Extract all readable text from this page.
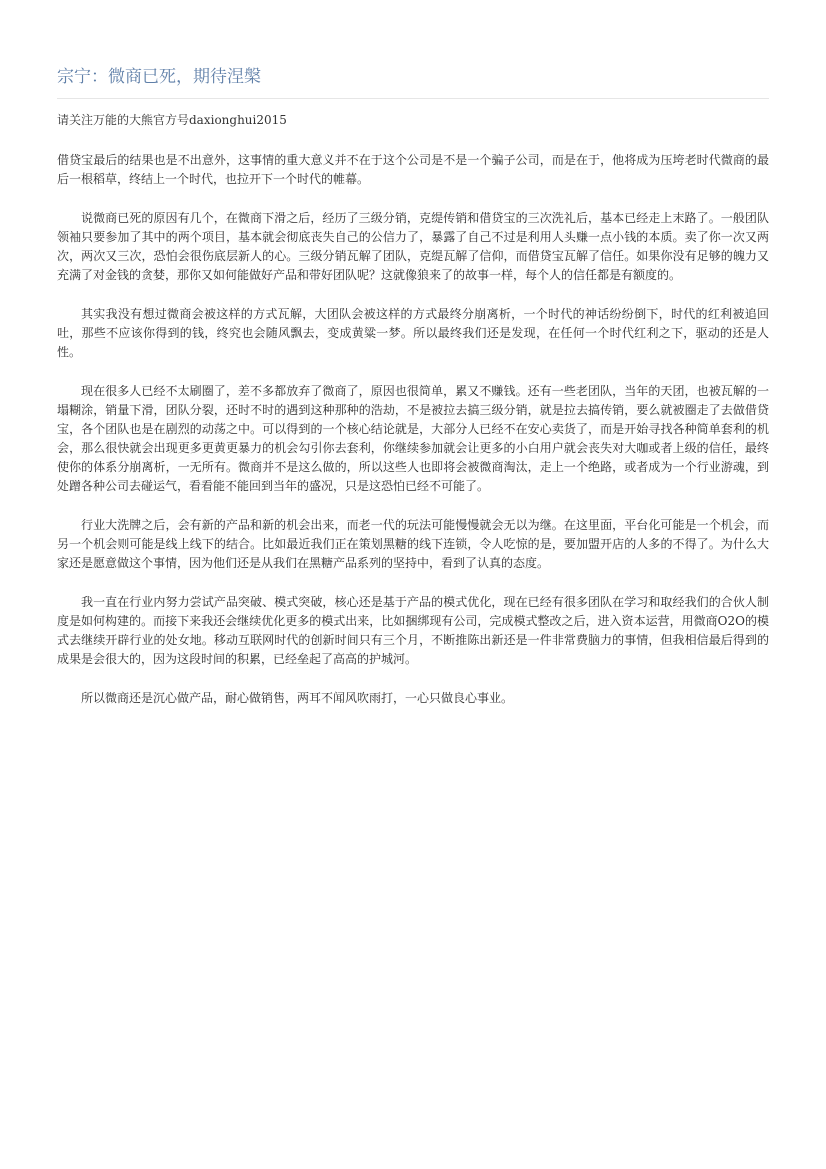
宗宁：微商已死，期待涅槃

请关注万能的大熊官方号daxionghui2015

借贷宝最后的结果也是不出意外，这事情的重大意义并不在于这个公司是不是一个骗子公司，而是在于，他将成为压垮老时代微商的最后一根稻草，终结上一个时代，也拉开下一个时代的帷幕。

说微商已死的原因有几个，在微商下滑之后，经历了三级分销，克缇传销和借贷宝的三次洗礼后，基本已经走上末路了。一般团队领袖只要参加了其中的两个项目，基本就会彻底丧失自己的公信力了，暴露了自己不过是利用人头赚一点小钱的本质。卖了你一次又两次，两次又三次，恐怕会很伤底层新人的心。三级分销瓦解了团队，克缇瓦解了信仰，而借贷宝瓦解了信任。如果你没有足够的魄力又充满了对金钱的贪婪，那你又如何能做好产品和带好团队呢？这就像狼来了的故事一样，每个人的信任都是有额度的。

其实我没有想过微商会被这样的方式瓦解，大团队会被这样的方式最终分崩离析，一个时代的神话纷纷倒下，时代的红利被追回吐，那些不应该你得到的钱，终究也会随风飘去，变成黄粱一梦。所以最终我们还是发现，在任何一个时代红利之下，驱动的还是人性。

现在很多人已经不太刷圈了，差不多都放弃了微商了，原因也很简单，累又不赚钱。还有一些老团队，当年的天团，也被瓦解的一塌糊涂，销量下滑，团队分裂，还时不时的遇到这种那种的浩劫，不是被拉去搞三级分销，就是拉去搞传销，要么就被圈走了去做借贷宝，各个团队也是在剧烈的动荡之中。可以得到的一个核心结论就是，大部分人已经不在安心卖货了，而是开始寻找各种简单套利的机会，那么很快就会出现更多更黄更暴力的机会勾引你去套利，你继续参加就会让更多的小白用户就会丧失对大咖或者上级的信任，最终使你的体系分崩离析，一无所有。微商并不是这么做的，所以这些人也即将会被微商淘汰，走上一个绝路，或者成为一个行业游魂，到处蹭各种公司去碰运气，看看能不能回到当年的盛况，只是这恐怕已经不可能了。

行业大洗牌之后，会有新的产品和新的机会出来，而老一代的玩法可能慢慢就会无以为继。在这里面，平台化可能是一个机会，而另一个机会则可能是线上线下的结合。比如最近我们正在策划黑糖的线下连锁，令人吃惊的是，要加盟开店的人多的不得了。为什么大家还是愿意做这个事情，因为他们还是从我们在黑糖产品系列的坚持中，看到了认真的态度。

我一直在行业内努力尝试产品突破、模式突破，核心还是基于产品的模式优化，现在已经有很多团队在学习和取经我们的合伙人制度是如何构建的。而接下来我还会继续优化更多的模式出来，比如捆绑现有公司，完成模式整改之后，进入资本运营，用微商O2O的模式去继续开辟行业的处女地。移动互联网时代的创新时间只有三个月，不断推陈出新还是一件非常费脑力的事情，但我相信最后得到的成果是会很大的，因为这段时间的积累，已经垒起了高高的护城河。

所以微商还是沉心做产品，耐心做销售，两耳不闻风吹雨打，一心只做良心事业。
